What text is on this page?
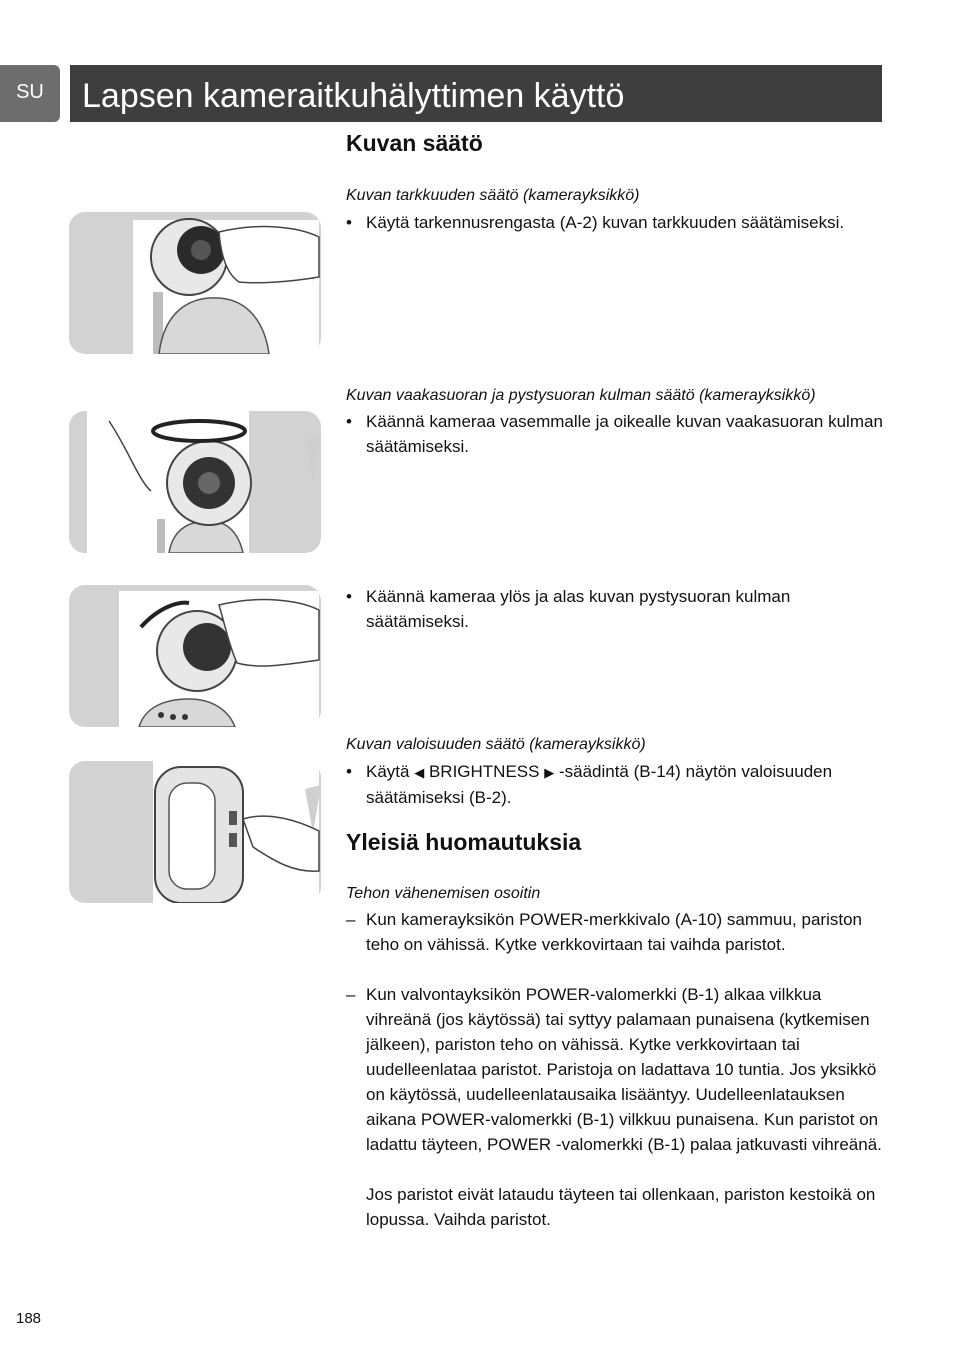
SU	Lapsen kameraitkuhälyttimen käyttö
Kuvan säätö
Kuvan tarkkuuden säätö (kamerayksikkö)
• Käytä tarkennusrengasta (A-2) kuvan tarkkuuden säätämiseksi.
Kuvan vaakasuoran ja pystysuoran kulman säätö (kamerayksikkö)
• Käännä kameraa vasemmalle ja oikealle kuvan vaakasuoran kulman säätämiseksi.
• Käännä kameraa ylös ja alas kuvan pystysuoran kulman säätämiseksi.
Kuvan valoisuuden säätö (kamerayksikkö)
• Käytä ◀ BRIGHTNESS ▶ -säädintä (B-14) näytön valoisuuden säätämiseksi (B-2).
Yleisiä huomautuksia
Tehon vähenemisen osoitin
– Kun kamerayksikön POWER-merkkivalo (A-10) sammuu, pariston teho on vähissä. Kytke verkkovirtaan tai vaihda paristot.
– Kun valvontayksikön POWER-valomerkki (B-1) alkaa vilkkua vihreänä (jos käytössä) tai syttyy palamaan punaisena (kytkemisen jälkeen), pariston teho on vähissä. Kytke verkkovirtaan tai uudelleenlataa paristot. Paristoja on ladattava 10 tuntia. Jos yksikkö on käytössä, uudelleenlatausaika lisääntyy. Uudelleenlatauksen aikana POWER-valomerkki (B-1) vilkkuu punaisena. Kun paristot on ladattu täyteen, POWER -valomerkki (B-1) palaa jatkuvasti vihreänä.
Jos paristot eivät lataudu täyteen tai ollenkaan, pariston kestoikä on lopussa. Vaihda paristot.
188
